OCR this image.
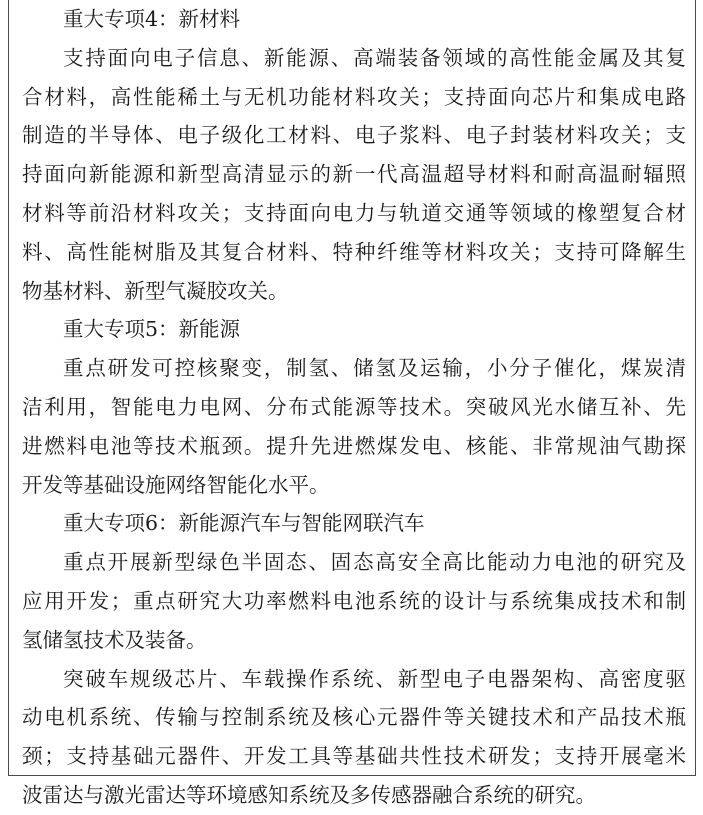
重大专项4：新材料
支持面向电子信息、新能源、高端装备领域的高性能金属及其复
合材料，高性能稀土与无机功能材料攻关；支持面向芯片和集成电路
制造的半导体、电子级化工材料、电子浆料、电子封装材料攻关；支
持面向新能源和新型高清显示的新一代高温超导材料和耐高温耐辐照
材料等前沿材料攻关；支持面向电力与轨道交通等领域的橡塑复合材
料、高性能树脂及其复合材料、特种纤维等材料攻关；支持可降解生
物基材料、新型气凝胶攻关。
重大专项5：新能源
重点研发可控核聚变，制氢、储氢及运输，小分子催化，煤炭清
洁利用，智能电力电网、分布式能源等技术。突破风光水储互补、先
进燃料电池等技术瓶颈。提升先进燃煤发电、核能、非常规油气勘探
开发等基础设施网络智能化水平。
重大专项6：新能源汽车与智能网联汽车
重点开展新型绿色半固态、固态高安全高比能动力电池的研究及
应用开发；重点研究大功率燃料电池系统的设计与系统集成技术和制
氢储氢技术及装备。
突破车规级芯片、车载操作系统、新型电子电器架构、高密度驱
动电机系统、传输与控制系统及核心元器件等关键技术和产品技术瓶
颈；支持基础元器件、开发工具等基础共性技术研发；支持开展毫米
波雷达与激光雷达等环境感知系统及多传感器融合系统的研究。
